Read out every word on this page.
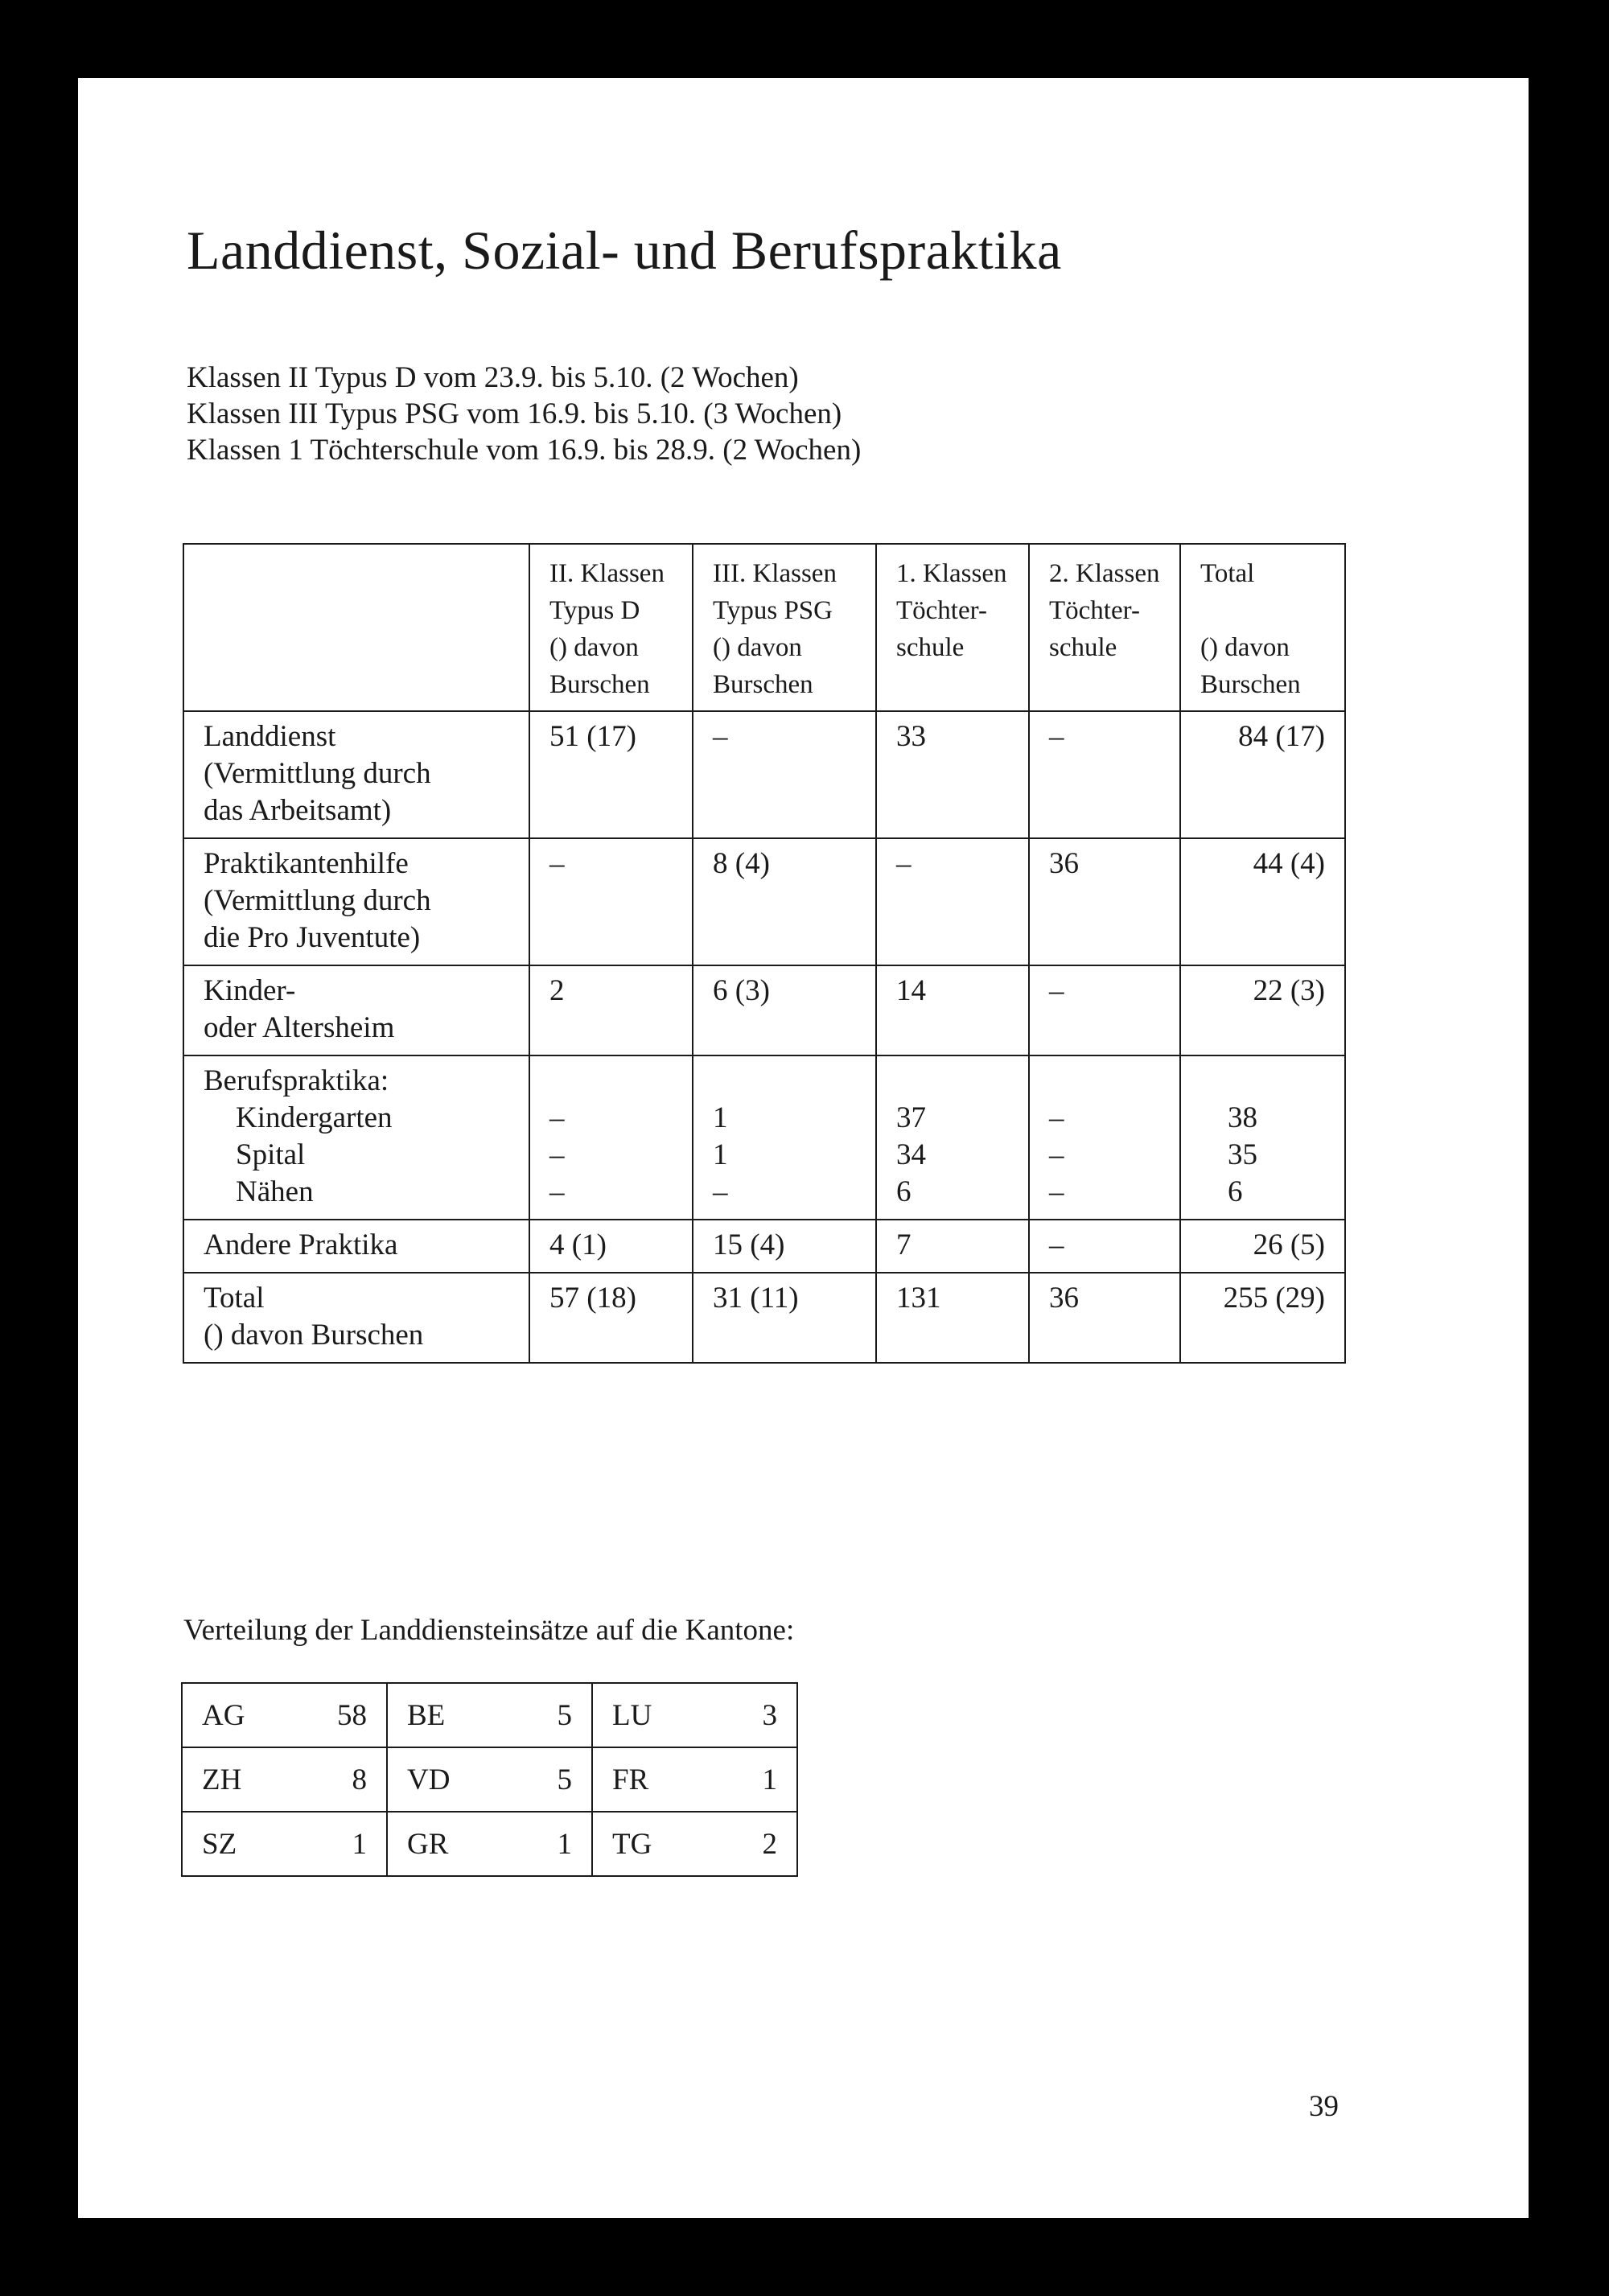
Landdienst, Sozial- und Berufspraktika
Klassen II Typus D vom 23.9. bis 5.10. (2 Wochen)
Klassen III Typus PSG vom 16.9. bis 5.10. (3 Wochen)
Klassen 1 Töchterschule vom 16.9. bis 28.9. (2 Wochen)

	II. Klassen
Typus D
() davon
Burschen	III. Klassen
Typus PSG
() davon
Burschen	1. Klassen
Töchter-
schule	2. Klassen
Töchter-
schule	Total
() davon
Burschen

Landdienst
(Vermittlung durch
das Arbeitsamt)	51 (17)	–	33	–	84 (17)

Praktikantenhilfe
(Vermittlung durch
die Pro Juventute)	–	8 (4)	–	36	44 (4)

Kinder-
oder Altersheim	2	6 (3)	14	–	22 (3)

Berufspraktika:
Kindergarten
Spital
Nähen	–
–
–	1
1
–	37
34
6	–
–
–	38
35
6

Andere Praktika	4 (1)	15 (4)	7	–	26 (5)

Total
() davon Burschen	57 (18)	31 (11)	131	36	255 (29)
Verteilung der Landdiensteinsätze auf die Kantone:
AG 58	BE 5	LU 3

ZH 8	VD 5	FR 1

SZ 1	GR 1	TG 2
39
